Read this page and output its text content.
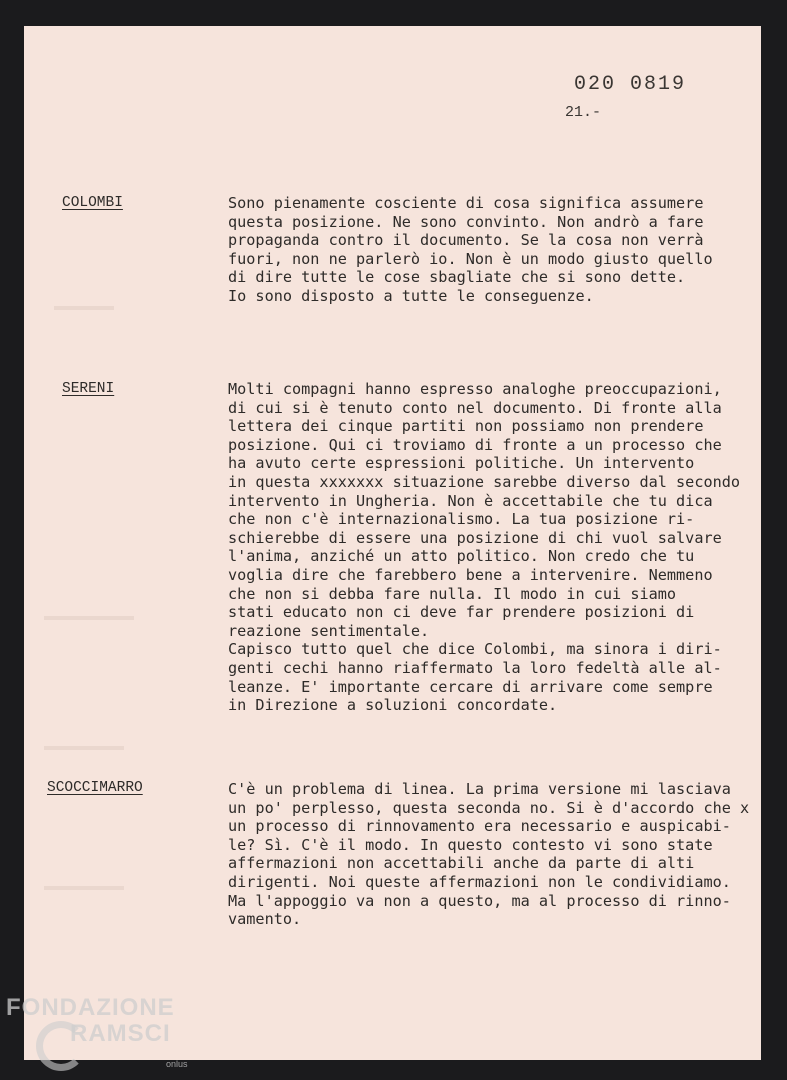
020 0819
21.-
COLOMBI	Sono pienamente cosciente di cosa significa assumere
questa posizione. Ne sono convinto. Non andrò a fare
propaganda contro il documento. Se la cosa non verrà
fuori, non ne parlerò io. Non è un modo giusto quello
di dire tutte le cose sbagliate che si sono dette.
Io sono disposto a tutte le conseguenze.
SERENI	Molti compagni hanno espresso analoghe preoccupazioni,
di cui si è tenuto conto nel documento. Di fronte alla
lettera dei cinque partiti non possiamo non prendere
posizione. Qui ci troviamo di fronte a un processo che
ha avuto certe espressioni politiche. Un intervento
in questa xxxxxxx situazione sarebbe diverso dal secondo
intervento in Ungheria. Non è accettabile che tu dica
che non c'è internazionalismo. La tua posizione ri-
schierebbe di essere una posizione di chi vuol salvare
l'anima, anziché un atto politico. Non credo che tu
voglia dire che farebbero bene a intervenire. Nemmeno
che non si debba fare nulla. Il modo in cui siamo
stati educato non ci deve far prendere posizioni di
reazione sentimentale.
Capisco tutto quel che dice Colombi, ma sinora i diri-
genti cechi hanno riaffermato la loro fedeltà alle al-
leanze. E' importante cercare di arrivare come sempre
in Direzione a soluzioni concordate.
SCOCCIMARRO	C'è un problema di linea. La prima versione mi lasciava
un po' perplesso, questa seconda no. Si è d'accordo che x
un processo di rinnovamento era necessario e auspicabi-
le? Sì. C'è il modo. In questo contesto vi sono state
affermazioni non accettabili anche da parte di alti
dirigenti. Noi queste affermazioni non le condividiamo.
Ma l'appoggio va non a questo, ma al processo di rinno-
vamento.
FONDAZIONE
RAMSCI
onlus
